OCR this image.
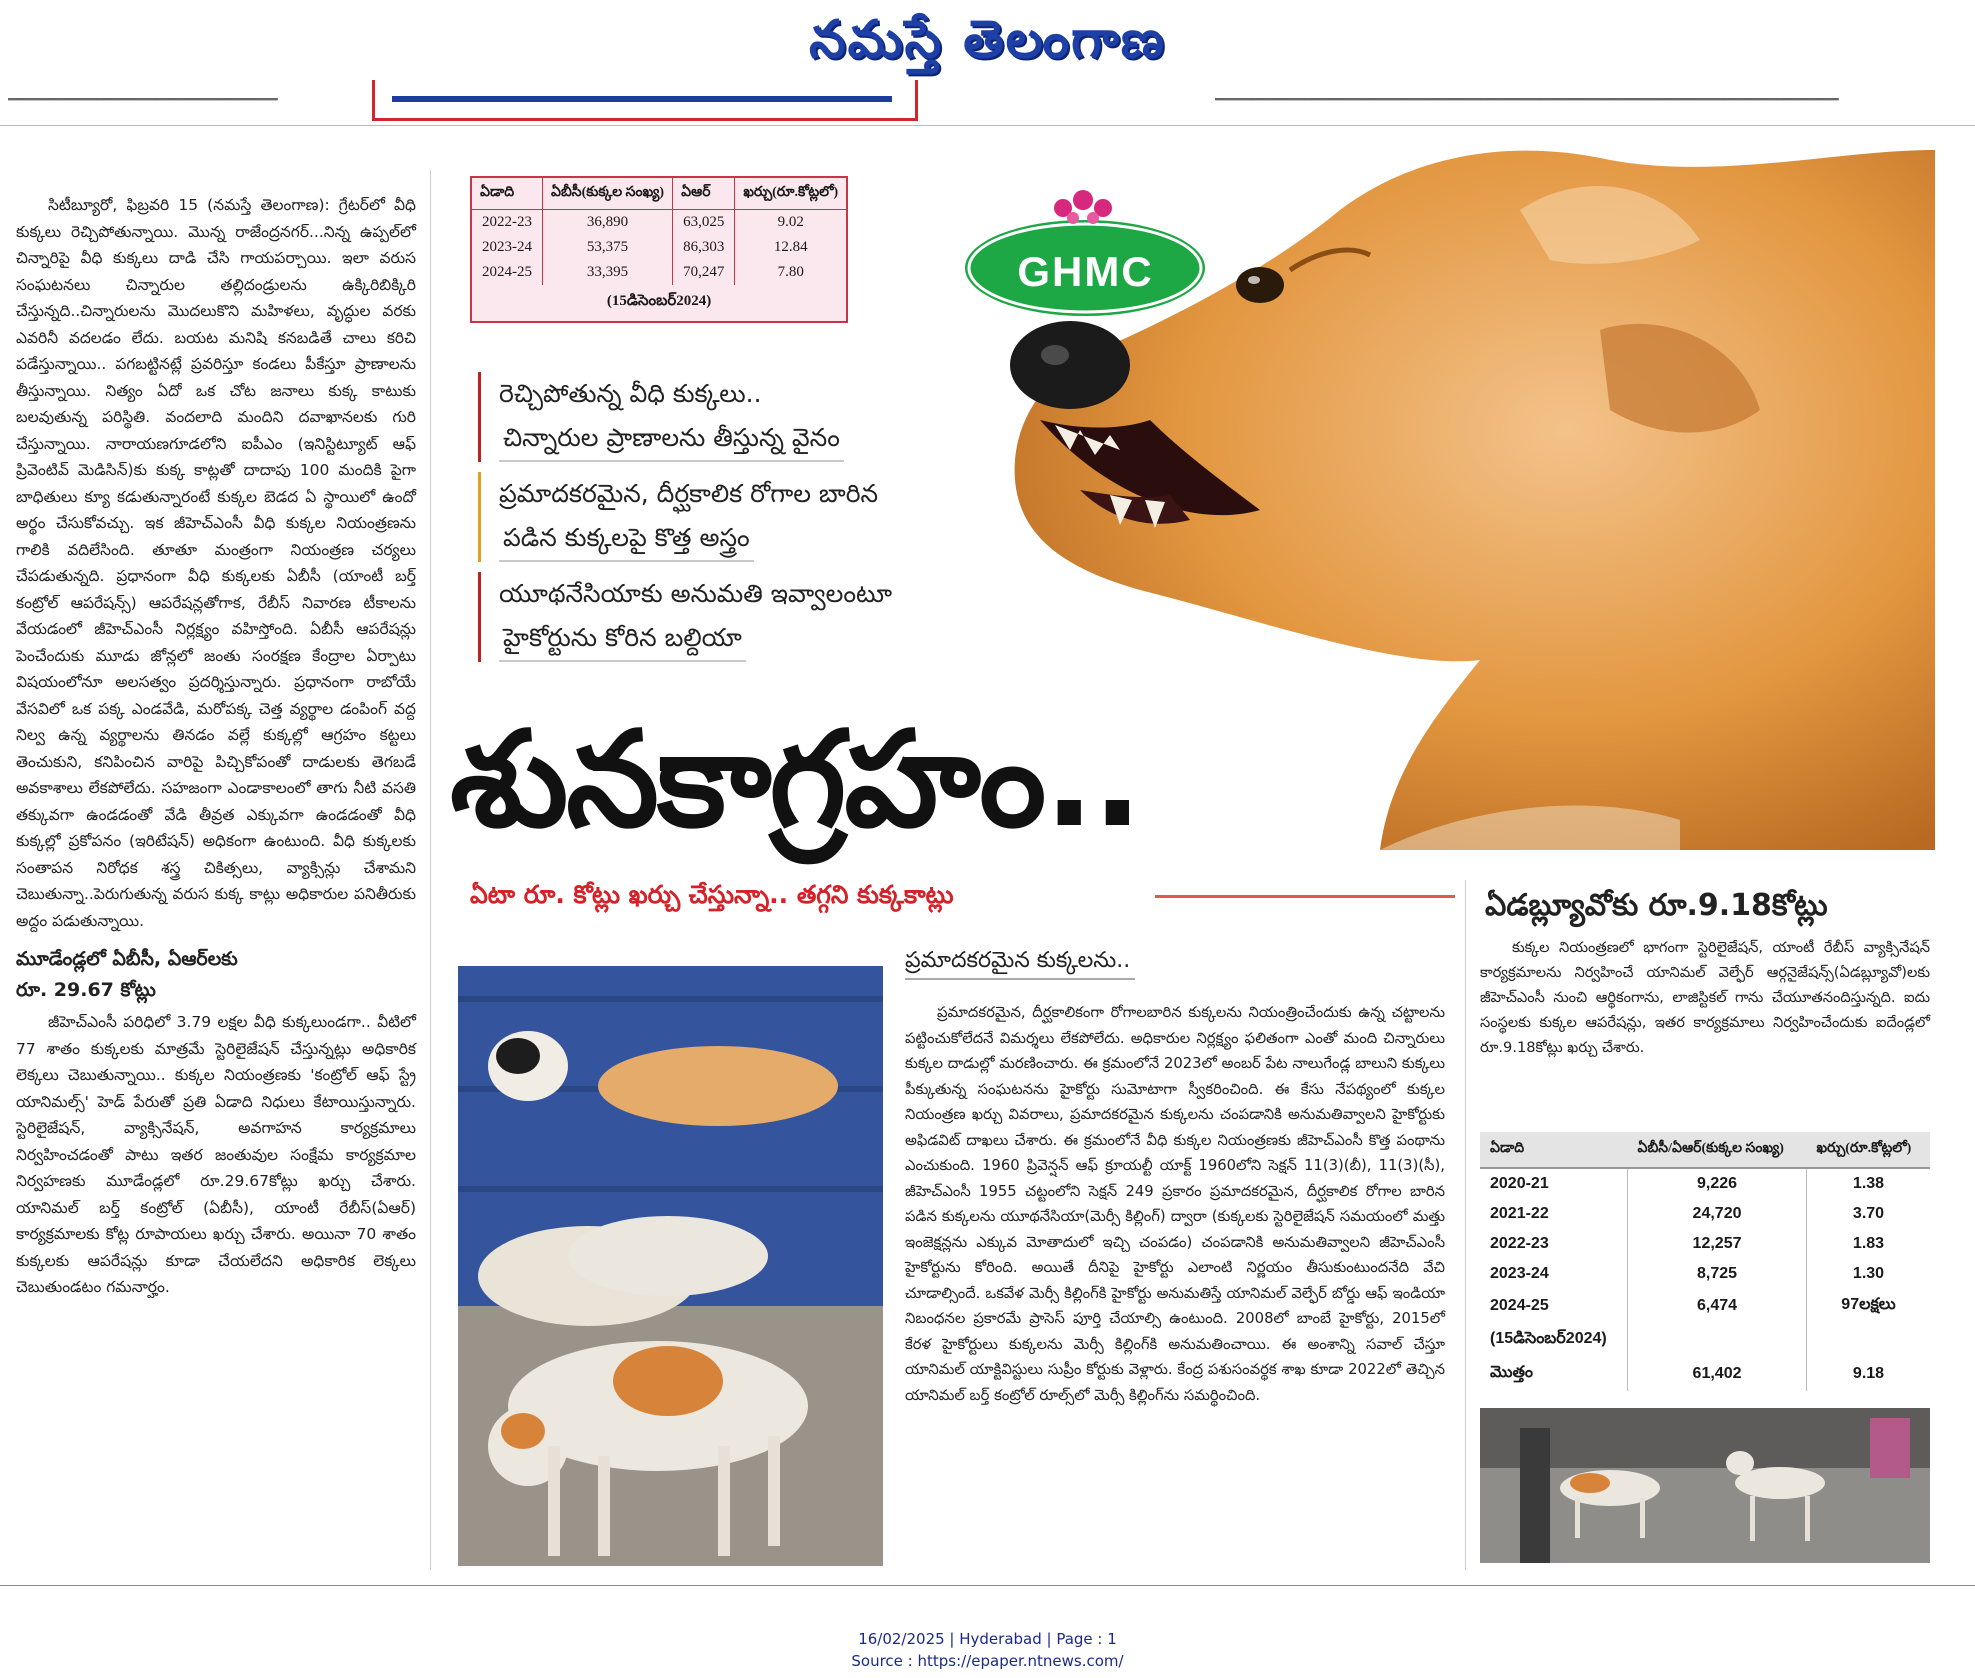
నమస్తే తెలంగాణ
━━━━━━━━━━━━━━━━━━━━━━━━━━━━━━━━	━━━━━━━━━━━━━━━━━━━━━━━━━━━━━━━━━━━━━━━━━━━━━━━━━━━━━━━━━━━━━━━━━━━━━━━━━━

సిటీబ్యూరో, ఫిబ్రవరి 15 (నమస్తే తెలంగాణ): గ్రేటర్‌లో వీధి కుక్కలు రెచ్చిపోతున్నాయి. మొన్న రాజేంద్రనగర్...నిన్న ఉప్పల్‌లో చిన్నారిపై వీధి కుక్కలు దాడి చేసి గాయపర్చాయి. ఇలా వరుస సంఘటనలు చిన్నారుల తల్లిదండ్రులను ఉక్కిరిబిక్కిరి చేస్తున్నది..చిన్నారులను మొదలుకొని మహిళలు, వృద్ధుల వరకు ఎవరినీ వదలడం లేదు. బయట మనిషి కనబడితే చాలు కరిచి పడేస్తున్నాయి.. పగబట్టినట్లే ప్రవరిస్తూ కండలు పీకేస్తూ ప్రాణాలను తీస్తున్నాయి. నిత్యం ఏదో ఒక చోట జనాలు కుక్క కాటుకు బలవుతున్న పరిస్థితి. వందలాది మందిని దవాఖానలకు గురి చేస్తున్నాయి. నారాయణగూడలోని ఐపీఎం (ఇనిస్టిట్యూట్ ఆఫ్ ప్రివెంటివ్ మెడిసిన్)కు కుక్క కాట్లతో దాదాపు 100 మందికి పైగా బాధితులు క్యూ కడుతున్నారంటే కుక్కల బెడద ఏ స్థాయిలో ఉందో అర్థం చేసుకోవచ్చు. ఇక జీహెచ్‌ఎంసీ వీధి కుక్కల నియంత్రణను గాలికి వదిలేసింది. తూతూ మంత్రంగా నియంత్రణ చర్యలు చేపడుతున్నది. ప్రధానంగా వీధి కుక్కలకు ఏబీసీ (యాంటీ బర్త్ కంట్రోల్ ఆపరేషన్స్) ఆపరేషన్లతోగాక, రేబీస్ నివారణ టీకాలను వేయడంలో జీహెచ్‌ఎంసీ నిర్లక్ష్యం వహిస్తోంది. ఏబీసీ ఆపరేషన్లు పెంచేందుకు మూడు జోన్లలో జంతు సంరక్షణ కేంద్రాల ఏర్పాటు విషయంలోనూ అలసత్వం ప్రదర్శిస్తున్నారు. ప్రధానంగా రాబోయే వేసవిలో ఒక పక్క ఎండవేడి, మరోపక్క చెత్త వ్యర్థాల డంపింగ్ వద్ద నిల్వ ఉన్న వ్యర్థాలను తినడం వల్లే కుక్కల్లో ఆగ్రహం కట్టలు తెంచుకుని, కనిపించిన వారిపై పిచ్చికోపంతో దాడులకు తెగబడే అవకాశాలు లేకపోలేదు. సహజంగా ఎండాకాలంలో తాగు నీటి వసతి తక్కువగా ఉండడంతో వేడి తీవ్రత ఎక్కువగా ఉండడంతో వీధి కుక్కల్లో ప్రకోపనం (ఇరిటేషన్) అధికంగా ఉంటుంది. వీధి కుక్కలకు సంతాపన నిరోధక శస్త్ర చికిత్సలు, వ్యాక్సిన్లు చేశామని చెబుతున్నా..పెరుగుతున్న వరుస కుక్క కాట్లు అధికారుల పనితీరుకు అద్దం పడుతున్నాయి.

మూడేండ్లలో ఏబీసీ, ఏఆర్‌లకు
రూ. 29.67 కోట్లు

జీహెచ్‌ఎంసీ పరిధిలో 3.79 లక్షల వీధి కుక్కలుండగా.. వీటిలో 77 శాతం కుక్కలకు మాత్రమే స్టెరిలైజేషన్ చేస్తున్నట్లు అధికారిక లెక్కలు చెబుతున్నాయి.. కుక్కల నియంత్రణకు 'కంట్రోల్ ఆఫ్ స్ట్రే యానిమల్స్' హెడ్ పేరుతో ప్రతి ఏడాది నిధులు కేటాయిస్తున్నారు. స్టెరిలైజేషన్, వ్యాక్సినేషన్, అవగాహన కార్యక్రమాలు నిర్వహించడంతో పాటు ఇతర జంతువుల సంక్షేమ కార్యక్రమాల నిర్వహణకు మూడేండ్లలో రూ.29.67కోట్లు ఖర్చు చేశారు. యానిమల్ బర్త్ కంట్రోల్ (ఏబీసీ), యాంటీ రేబీస్(ఏఆర్) కార్యక్రమాలకు కోట్ల రూపాయలు ఖర్చు చేశారు. అయినా 70 శాతం కుక్కలకు ఆపరేషన్లు కూడా చేయలేదని అధికారిక లెక్కలు చెబుతుండటం గమనార్హం.

ఏడాది	ఏబీసీ(కుక్కల సంఖ్య)	ఏఆర్	ఖర్చు(రూ.కోట్లలో)
2022-23	36,890	63,025	9.02
2023-24	53,375	86,303	12.84
2024-25	33,395	70,247	7.80
(15డిసెంబర్2024)			
GHMC
రెచ్చిపోతున్న వీధి కుక్కలు..
చిన్నారుల ప్రాణాలను తీస్తున్న వైనం
ప్రమాదకరమైన, దీర్ఘకాలిక రోగాల బారిన
పడిన కుక్కలపై కొత్త అస్త్రం
యూథనేసియాకు అనుమతి ఇవ్వాలంటూ
హైకోర్టును కోరిన బల్దియా
శునకాగ్రహం..
ఏటా రూ. కోట్లు ఖర్చు చేస్తున్నా.. తగ్గని కుక్కకాట్లు	ఏడబ్ల్యూవోకు రూ.9.18కోట్లు
ప్రమాదకరమైన కుక్కలను..

ప్రమాదకరమైన, దీర్ఘకాలికంగా రోగాలబారిన కుక్కలను నియంత్రించేందుకు ఉన్న చట్టాలను పట్టించుకోలేదనే విమర్శలు లేకపోలేదు. అధికారుల నిర్లక్ష్యం ఫలితంగా ఎంతో మంది చిన్నారులు కుక్కల దాడుల్లో మరణించారు. ఈ క్రమంలోనే 2023లో అంబర్ పేట నాలుగేండ్ల బాలుని కుక్కలు పీక్కుతున్న సంఘటనను హైకోర్టు సుమోటాగా స్వీకరించింది. ఈ కేసు నేపథ్యంలో కుక్కల నియంత్రణ ఖర్చు వివరాలు, ప్రమాదకరమైన కుక్కలను చంపడానికి అనుమతివ్వాలని హైకోర్టుకు అఫిడవిట్ దాఖలు చేశారు. ఈ క్రమంలోనే వీధి కుక్కల నియంత్రణకు జీహెచ్‌ఎంసీ కొత్త పంథాను ఎంచుకుంది. 1960 ప్రివెన్షన్ ఆఫ్ క్రూయల్టీ యాక్ట్ 1960లోని సెక్షన్ 11(3)(బీ), 11(3)(సీ), జీహెచ్‌ఎంసీ 1955 చట్టంలోని సెక్షన్ 249 ప్రకారం ప్రమాదకరమైన, దీర్ఘకాలిక రోగాల బారిన పడిన కుక్కలను యూథనేసియా(మెర్సీ కిల్లింగ్) ద్వారా (కుక్కలకు స్టెరిలైజేషన్ సమయంలో మత్తు ఇంజెక్షన్లను ఎక్కువ మోతాదులో ఇచ్చి చంపడం) చంపడానికి అనుమతివ్వాలని జీహెచ్‌ఎంసీ హైకోర్టును కోరింది. అయితే దీనిపై హైకోర్టు ఎలాంటి నిర్ణయం తీసుకుంటుందనేది వేచి చూడాల్సిందే. ఒకవేళ మెర్సీ కిల్లింగ్‌కి హైకోర్టు అనుమతిస్తే యానిమల్ వెల్ఫేర్ బోర్డు ఆఫ్ ఇండియా నిబంధనల ప్రకారమే ప్రాసెస్ పూర్తి చేయాల్సి ఉంటుంది. 2008లో బాంబే హైకోర్టు, 2015లో కేరళ హైకోర్టులు కుక్కలను మెర్సీ కిల్లింగ్‌కి అనుమతించాయి. ఈ అంశాన్ని సవాల్ చేస్తూ యానిమల్ యాక్టివిస్టులు సుప్రీం కోర్టుకు వెళ్లారు. కేంద్ర పశుసంవర్థక శాఖ కూడా 2022లో తెచ్చిన యానిమల్ బర్త్ కంట్రోల్ రూల్స్‌లో మెర్సీ కిల్లింగ్‌ను సమర్థించింది.

కుక్కల నియంత్రణలో భాగంగా స్టెరిలైజేషన్, యాంటీ రేబీస్ వ్యాక్సినేషన్ కార్యక్రమాలను నిర్వహించే యానిమల్ వెల్ఫేర్ ఆర్గనైజేషన్స్(ఏడబ్ల్యూవో)లకు జీహెచ్‌ఎంసీ నుంచి ఆర్థికంగాను, లాజిస్టికల్ గాను చేయూతనందిస్తున్నది. ఐదు సంస్థలకు కుక్కల ఆపరేషన్లు, ఇతర కార్యక్రమాలు నిర్వహించేందుకు ఐదేండ్లలో రూ.9.18కోట్లు ఖర్చు చేశారు.

ఏడాది	ఏబీసీ/ఏఆర్(కుక్కల సంఖ్య)	ఖర్చు(రూ.కోట్లలో)
2020-21	9,226	1.38
2021-22	24,720	3.70
2022-23	12,257	1.83
2023-24	8,725	1.30
2024-25	6,474	97లక్షలు
(15డిసెంబర్2024)		
మొత్తం	61,402	9.18
16/02/2025 | Hyderabad | Page : 1
Source : https://epaper.ntnews.com/
